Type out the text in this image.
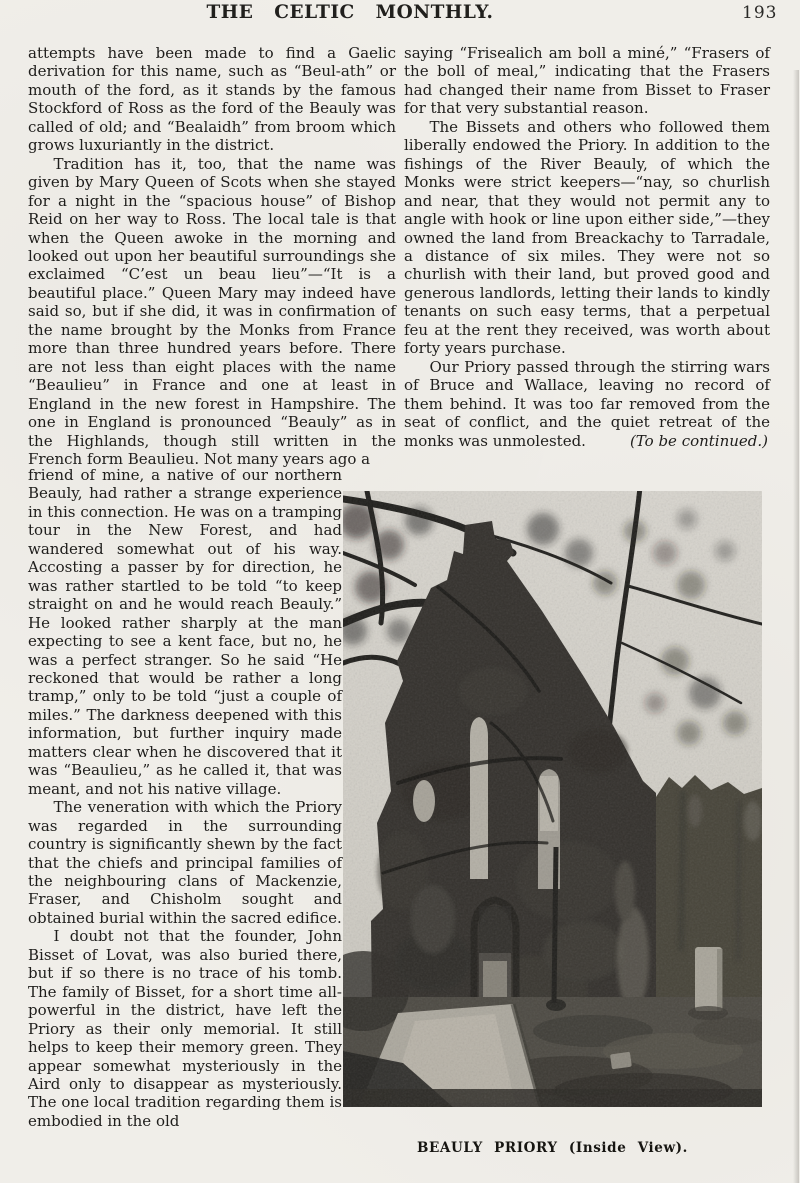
THE CELTIC MONTHLY.	193

attempts have been made to find a Gaelic derivation for this name, such as “Beul-ath” or mouth of the ford, as it stands by the famous Stockford of Ross as the ford of the Beauly was called of old; and “Bealaidh” from broom which grows luxuriantly in the district.

Tradition has it, too, that the name was given by Mary Queen of Scots when she stayed for a night in the “spacious house” of Bishop Reid on her way to Ross. The local tale is that when the Queen awoke in the morning and looked out upon her beautiful surroundings she exclaimed “C’est un beau lieu”—“It is a beautiful place.” Queen Mary may indeed have said so, but if she did, it was in confirmation of the name brought by the Monks from France more than three hundred years before. There are not less than eight places with the name “Beaulieu” in France and one at least in England in the new forest in Hampshire. The one in England is pronounced “Beauly” as in the Highlands, though still written in the French form Beaulieu. Not many years ago a

friend of mine, a native of our northern Beauly, had rather a strange experience in this connection. He was on a tramping tour in the New Forest, and had wandered somewhat out of his way. Accosting a passer by for direction, he was rather startled to be told “to keep straight on and he would reach Beauly.” He looked rather sharply at the man expecting to see a kent face, but no, he was a perfect stranger. So he said “He reckoned that would be rather a long tramp,” only to be told “just a couple of miles.” The darkness deepened with this information, but further inquiry made matters clear when he discovered that it was “Beaulieu,” as he called it, that was meant, and not his native village.

The veneration with which the Priory was regarded in the surrounding country is significantly shewn by the fact that the chiefs and principal families of the neighbouring clans of Mackenzie, Fraser, and Chisholm sought and obtained burial within the sacred edifice.

I doubt not that the founder, John Bisset of Lovat, was also buried there, but if so there is no trace of his tomb. The family of Bisset, for a short time all-powerful in the district, have left the Priory as their only memorial. It still helps to keep their memory green. They appear somewhat mysteriously in the Aird only to disappear as mysteriously. The one local tradition regarding them is embodied in the old

saying “Frisealich am boll a miné,” “Frasers of the boll of meal,” indicating that the Frasers had changed their name from Bisset to Fraser for that very substantial reason.

The Bissets and others who followed them liberally endowed the Priory. In addition to the fishings of the River Beauly, of which the Monks were strict keepers—“nay, so churlish and near, that they would not permit any to angle with hook or line upon either side,”—they owned the land from Breackachy to Tarradale, a distance of six miles. They were not so churlish with their land, but proved good and generous landlords, letting their lands to kindly tenants on such easy terms, that a perpetual feu at the rent they received, was worth about forty years purchase.

Our Priory passed through the stirring wars of Bruce and Wallace, leaving no record of them behind. It was too far removed from the seat of conflict, and the quiet retreat of the monks was unmolested.	(To be continued.)

BEAULY PRIORY (Inside View).
